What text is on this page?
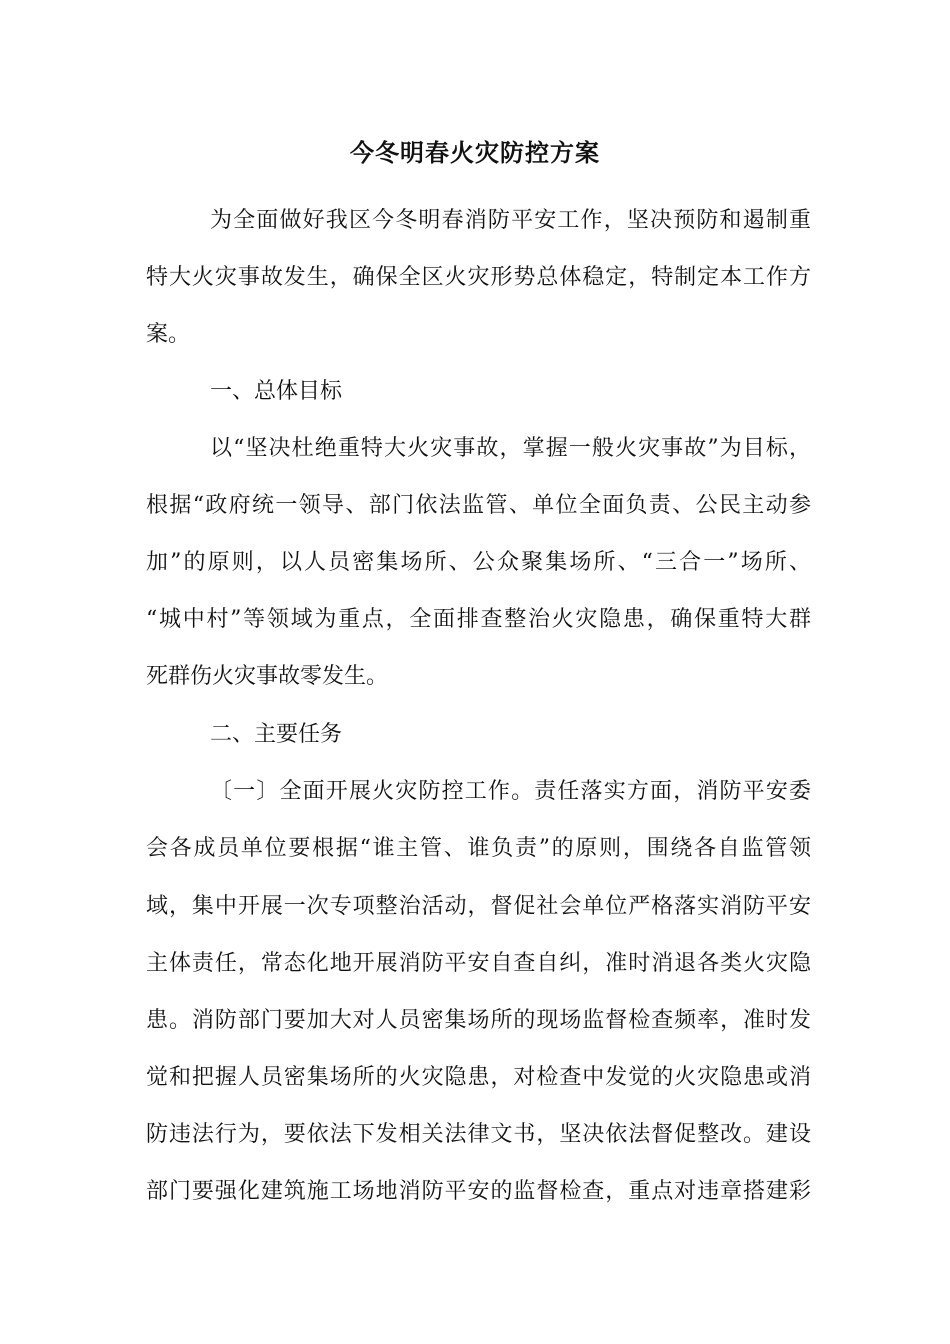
今冬明春火灾防控方案

为全面做好我区今冬明春消防平安工作，坚决预防和遏制重

特大火灾事故发生，确保全区火灾形势总体稳定，特制定本工作方

案。

一、总体目标

以“坚决杜绝重特大火灾事故，掌握一般火灾事故”为目标，

根据“政府统一领导、部门依法监管、单位全面负责、公民主动参

加”的原则，以人员密集场所、公众聚集场所、“三合一”场所、

“城中村”等领域为重点，全面排查整治火灾隐患，确保重特大群

死群伤火灾事故零发生。

二、主要任务

〔一〕全面开展火灾防控工作。责任落实方面，消防平安委

会各成员单位要根据“谁主管、谁负责”的原则，围绕各自监管领

域，集中开展一次专项整治活动，督促社会单位严格落实消防平安

主体责任，常态化地开展消防平安自查自纠，准时消退各类火灾隐

患。消防部门要加大对人员密集场所的现场监督检查频率，准时发

觉和把握人员密集场所的火灾隐患，对检查中发觉的火灾隐患或消

防违法行为，要依法下发相关法律文书，坚决依法督促整改。建设

部门要强化建筑施工场地消防平安的监督检查，重点对违章搭建彩
